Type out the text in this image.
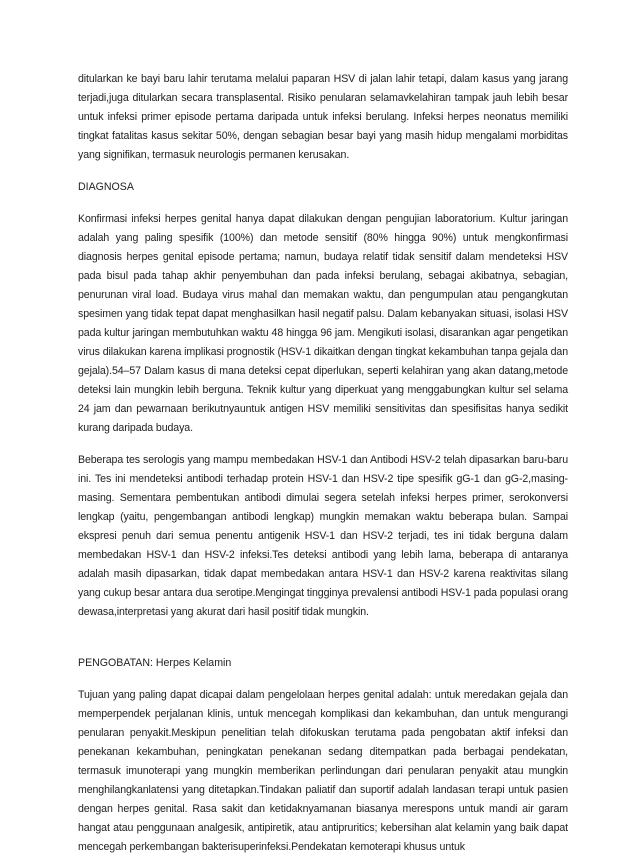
ditularkan ke bayi baru lahir terutama melalui paparan HSV di jalan lahir tetapi, dalam kasus yang jarang terjadi,juga ditularkan secara transplasental. Risiko penularan selamavkelahiran tampak jauh lebih besar untuk infeksi primer episode pertama daripada untuk infeksi berulang. Infeksi herpes neonatus memiliki tingkat fatalitas kasus sekitar 50%, dengan sebagian besar bayi yang masih hidup mengalami morbiditas yang signifikan, termasuk neurologis permanen kerusakan.

DIAGNOSA

Konfirmasi infeksi herpes genital hanya dapat dilakukan dengan pengujian laboratorium. Kultur jaringan adalah yang paling spesifik (100%) dan metode sensitif (80% hingga 90%) untuk mengkonfirmasi diagnosis herpes genital episode pertama; namun, budaya relatif tidak sensitif dalam mendeteksi HSV pada bisul pada tahap akhir penyembuhan dan pada infeksi berulang, sebagai akibatnya, sebagian, penurunan viral load. Budaya virus mahal dan memakan waktu, dan pengumpulan atau pengangkutan spesimen yang tidak tepat dapat menghasilkan hasil negatif palsu. Dalam kebanyakan situasi, isolasi HSV pada kultur jaringan membutuhkan waktu 48 hingga 96 jam. Mengikuti isolasi, disarankan agar pengetikan virus dilakukan karena implikasi prognostik (HSV-1 dikaitkan dengan tingkat kekambuhan tanpa gejala dan gejala).54–57 Dalam kasus di mana deteksi cepat diperlukan, seperti kelahiran yang akan datang,metode deteksi lain mungkin lebih berguna. Teknik kultur yang diperkuat yang menggabungkan kultur sel selama 24 jam dan pewarnaan berikutnyauntuk antigen HSV memiliki sensitivitas dan spesifisitas hanya sedikit kurang daripada budaya.

Beberapa tes serologis yang mampu membedakan HSV-1 dan Antibodi HSV-2 telah dipasarkan baru-baru ini. Tes ini mendeteksi antibodi terhadap protein HSV-1 dan HSV-2 tipe spesifik gG-1 dan gG-2,masing-masing. Sementara pembentukan antibodi dimulai segera setelah infeksi herpes primer, serokonversi lengkap (yaitu, pengembangan antibodi lengkap) mungkin memakan waktu beberapa bulan. Sampai ekspresi penuh dari semua penentu antigenik HSV-1 dan HSV-2 terjadi, tes ini tidak berguna dalam membedakan HSV-1 dan HSV-2 infeksi.Tes deteksi antibodi yang lebih lama, beberapa di antaranya adalah masih dipasarkan, tidak dapat membedakan antara HSV-1 dan HSV-2 karena reaktivitas silang yang cukup besar antara dua serotipe.Mengingat tingginya prevalensi antibodi HSV-1 pada populasi orang dewasa,interpretasi yang akurat dari hasil positif tidak mungkin.

PENGOBATAN: Herpes Kelamin

Tujuan yang paling dapat dicapai dalam pengelolaan herpes genital adalah: untuk meredakan gejala dan memperpendek perjalanan klinis, untuk mencegah komplikasi dan kekambuhan, dan untuk mengurangi penularan penyakit.Meskipun penelitian telah difokuskan terutama pada pengobatan aktif infeksi dan penekanan kekambuhan, peningkatan penekanan sedang ditempatkan pada berbagai pendekatan, termasuk imunoterapi yang mungkin memberikan perlindungan dari penularan penyakit atau mungkin menghilangkanlatensi yang ditetapkan.Tindakan paliatif dan suportif adalah landasan terapi untuk pasien dengan herpes genital. Rasa sakit dan ketidaknyamanan biasanya merespons untuk mandi air garam hangat atau penggunaan analgesik, antipiretik, atau antipruritics; kebersihan alat kelamin yang baik dapat mencegah perkembangan bakterisuperinfeksi.Pendekatan kemoterapi khusus untuk
